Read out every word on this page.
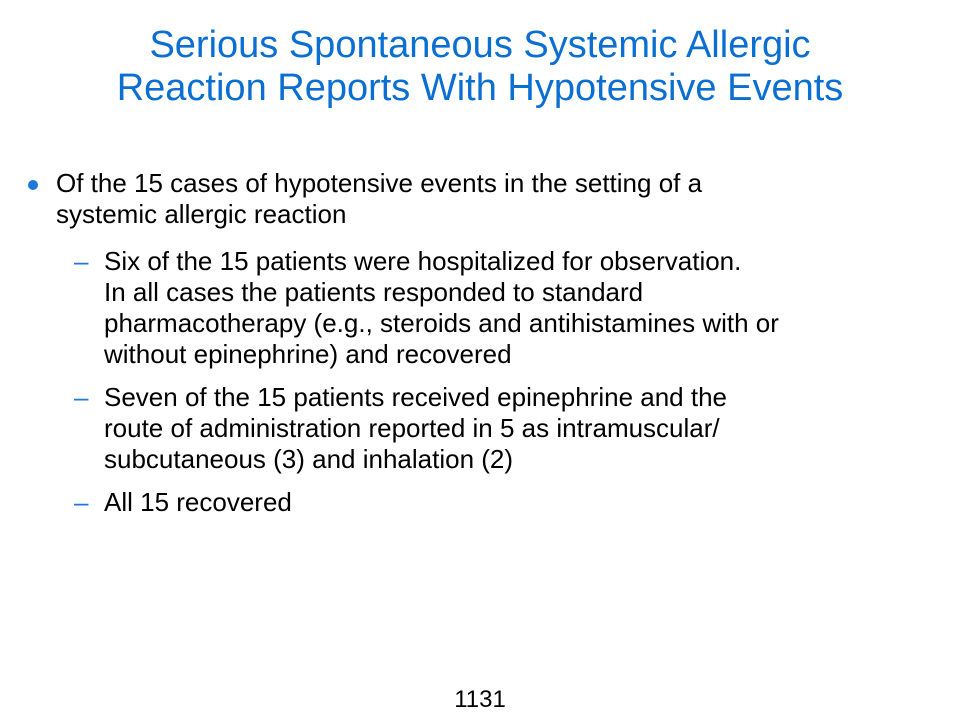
Serious Spontaneous Systemic Allergic
Reaction Reports With Hypotensive Events
Of the 15 cases of hypotensive events in the setting of a
systemic allergic reaction
– Six of the 15 patients were hospitalized for observation.
In all cases the patients responded to standard
pharmacotherapy (e.g., steroids and antihistamines with or
without epinephrine) and recovered
– Seven of the 15 patients received epinephrine and the
route of administration reported in 5 as intramuscular/
subcutaneous (3) and inhalation (2)
– All 15 recovered
1131
